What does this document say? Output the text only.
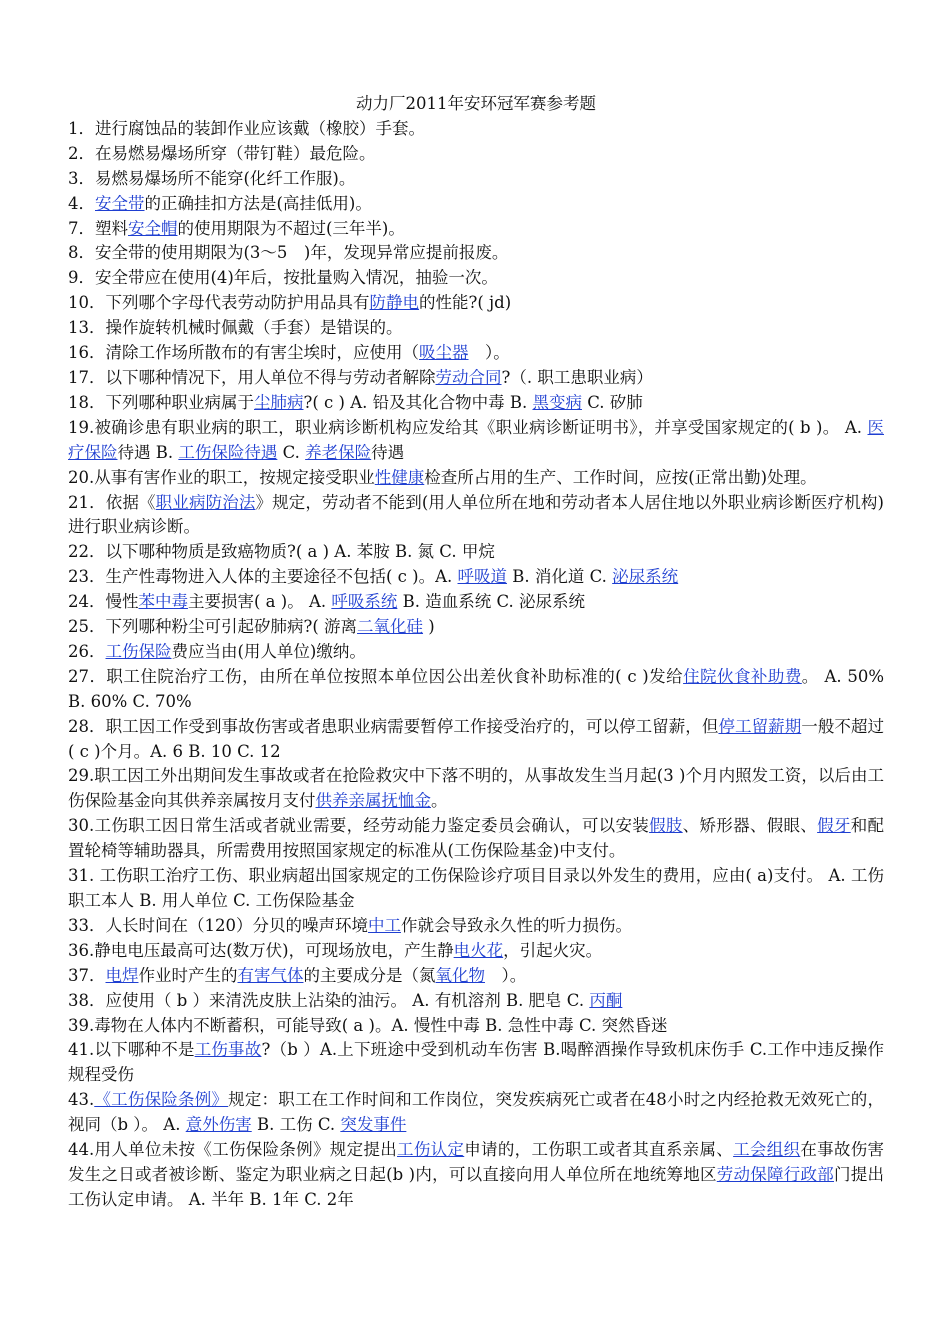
动力厂2011年安环冠军赛参考题
1．进行腐蚀品的装卸作业应该戴（橡胶）手套。
2．在易燃易爆场所穿（带钉鞋）最危险。
3．易燃易爆场所不能穿(化纤工作服)。
4．安全带的正确挂扣方法是(高挂低用)。
7．塑料安全帽的使用期限为不超过(三年半)。
8．安全带的使用期限为(3～5　)年，发现异常应提前报废。
9．安全带应在使用(4)年后，按批量购入情况，抽验一次。
10．下列哪个字母代表劳动防护用品具有防静电的性能?( jd)
13．操作旋转机械时佩戴（手套）是错误的。
16．清除工作场所散布的有害尘埃时，应使用（吸尘器　）。
17．以下哪种情况下，用人单位不得与劳动者解除劳动合同?（. 职工患职业病）
18．下列哪种职业病属于尘肺病?( c ) A. 铅及其化合物中毒 B. 黑变病 C. 矽肺
19.被确诊患有职业病的职工，职业病诊断机构应发给其《职业病诊断证明书》，并享受国家规定的( b )。 A. 医疗保险待遇 B. 工伤保险待遇 C. 养老保险待遇
20.从事有害作业的职工，按规定接受职业性健康检查所占用的生产、工作时间，应按(正常出勤)处理。
21．依据《职业病防治法》规定，劳动者不能到(用人单位所在地和劳动者本人居住地以外职业病诊断医疗机构)进行职业病诊断。
22．以下哪种物质是致癌物质?( a ) A. 苯胺 B. 氮 C. 甲烷
23．生产性毒物进入人体的主要途径不包括( c )。A. 呼吸道 B. 消化道 C. 泌尿系统
24．慢性苯中毒主要损害( a )。 A. 呼吸系统 B. 造血系统 C. 泌尿系统
25．下列哪种粉尘可引起矽肺病?( 游离二氧化硅 )
26．工伤保险费应当由(用人单位)缴纳。
27．职工住院治疗工伤，由所在单位按照本单位因公出差伙食补助标准的( c )发给住院伙食补助费。 A. 50% B. 60% C. 70%
28．职工因工作受到事故伤害或者患职业病需要暂停工作接受治疗的，可以停工留薪，但停工留薪期一般不超过( c )个月。A. 6 B. 10 C. 12
29.职工因工外出期间发生事故或者在抢险救灾中下落不明的，从事故发生当月起(3 )个月内照发工资，以后由工伤保险基金向其供养亲属按月支付供养亲属抚恤金。
30.工伤职工因日常生活或者就业需要，经劳动能力鉴定委员会确认，可以安装假肢、矫形器、假眼、假牙和配置轮椅等辅助器具，所需费用按照国家规定的标准从(工伤保险基金)中支付。
31. 工伤职工治疗工伤、职业病超出国家规定的工伤保险诊疗项目目录以外发生的费用，应由( a)支付。 A. 工伤职工本人 B. 用人单位 C. 工伤保险基金
33．人长时间在（120）分贝的噪声环境中工作就会导致永久性的听力损伤。
36.静电电压最高可达(数万伏)，可现场放电，产生静电火花，引起火灾。
37．电焊作业时产生的有害气体的主要成分是（氮氧化物　）。
38．应使用（ b ）来清洗皮肤上沾染的油污。 A. 有机溶剂 B. 肥皂 C. 丙酮
39.毒物在人体内不断蓄积，可能导致( a )。A. 慢性中毒 B. 急性中毒 C. 突然昏迷
41.以下哪种不是工伤事故?（b ）A.上下班途中受到机动车伤害 B.喝醉酒操作导致机床伤手 C.工作中违反操作规程受伤
43.《工伤保险条例》规定：职工在工作时间和工作岗位，突发疾病死亡或者在48小时之内经抢救无效死亡的，视同（b ）。 A. 意外伤害 B. 工伤 C. 突发事件
44.用人单位未按《工伤保险条例》规定提出工伤认定申请的，工伤职工或者其直系亲属、工会组织在事故伤害发生之日或者被诊断、鉴定为职业病之日起(b )内，可以直接向用人单位所在地统筹地区劳动保障行政部门提出工伤认定申请。 A. 半年 B. 1年 C. 2年
